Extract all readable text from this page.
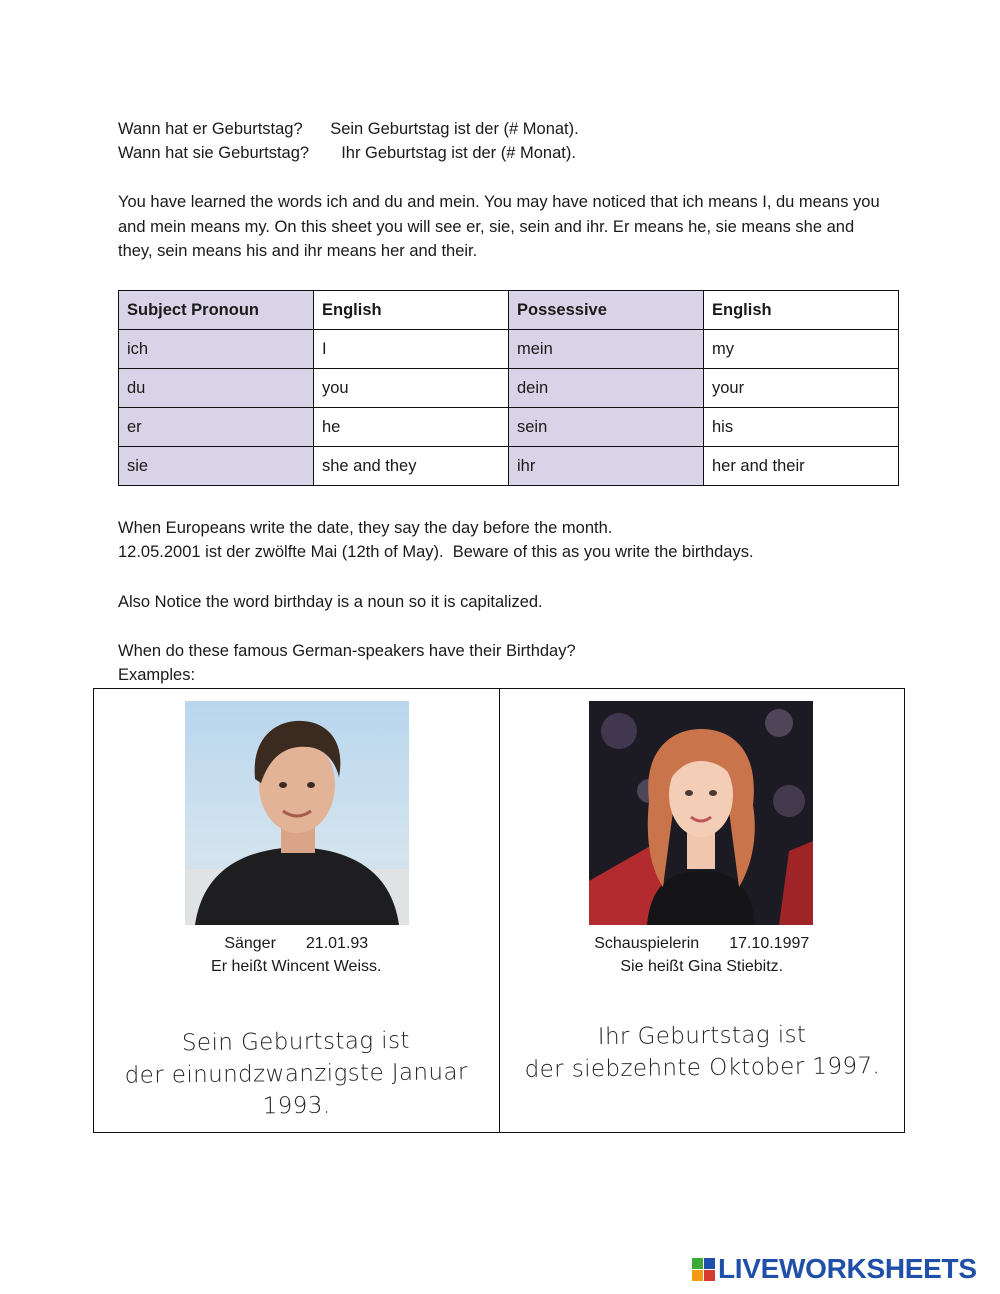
Wann hat er Geburtstag? Sein Geburtstag ist der (# Monat).
Wann hat sie Geburtstag? Ihr Geburtstag ist der (# Monat).
You have learned the words ich and du and mein. You may have noticed that ich means I, du means you and mein means my. On this sheet you will see er, sie, sein and ihr. Er means he, sie means she and they, sein means his and ihr means her and their.
Subject Pronoun	English	Possessive	English
ich	I	mein	my
du	you	dein	your
er	he	sein	his
sie	she and they	ihr	her and their
When Europeans write the date, they say the day before the month.
12.05.2001 ist der zwölfte Mai (12th of May).  Beware of this as you write the birthdays.
Also Notice the word birthday is a noun so it is capitalized.
When do these famous German-speakers have their Birthday?
Examples:
Sänger 21.01.93
Er heißt Wincent Weiss.
Sein Geburtstag ist
der einundzwanzigste Januar 1993.
Schauspielerin 17.10.1997
Sie heißt Gina Stiebitz.
Ihr Geburtstag ist
der siebzehnte Oktober 1997.
LIVEWORKSHEETS
